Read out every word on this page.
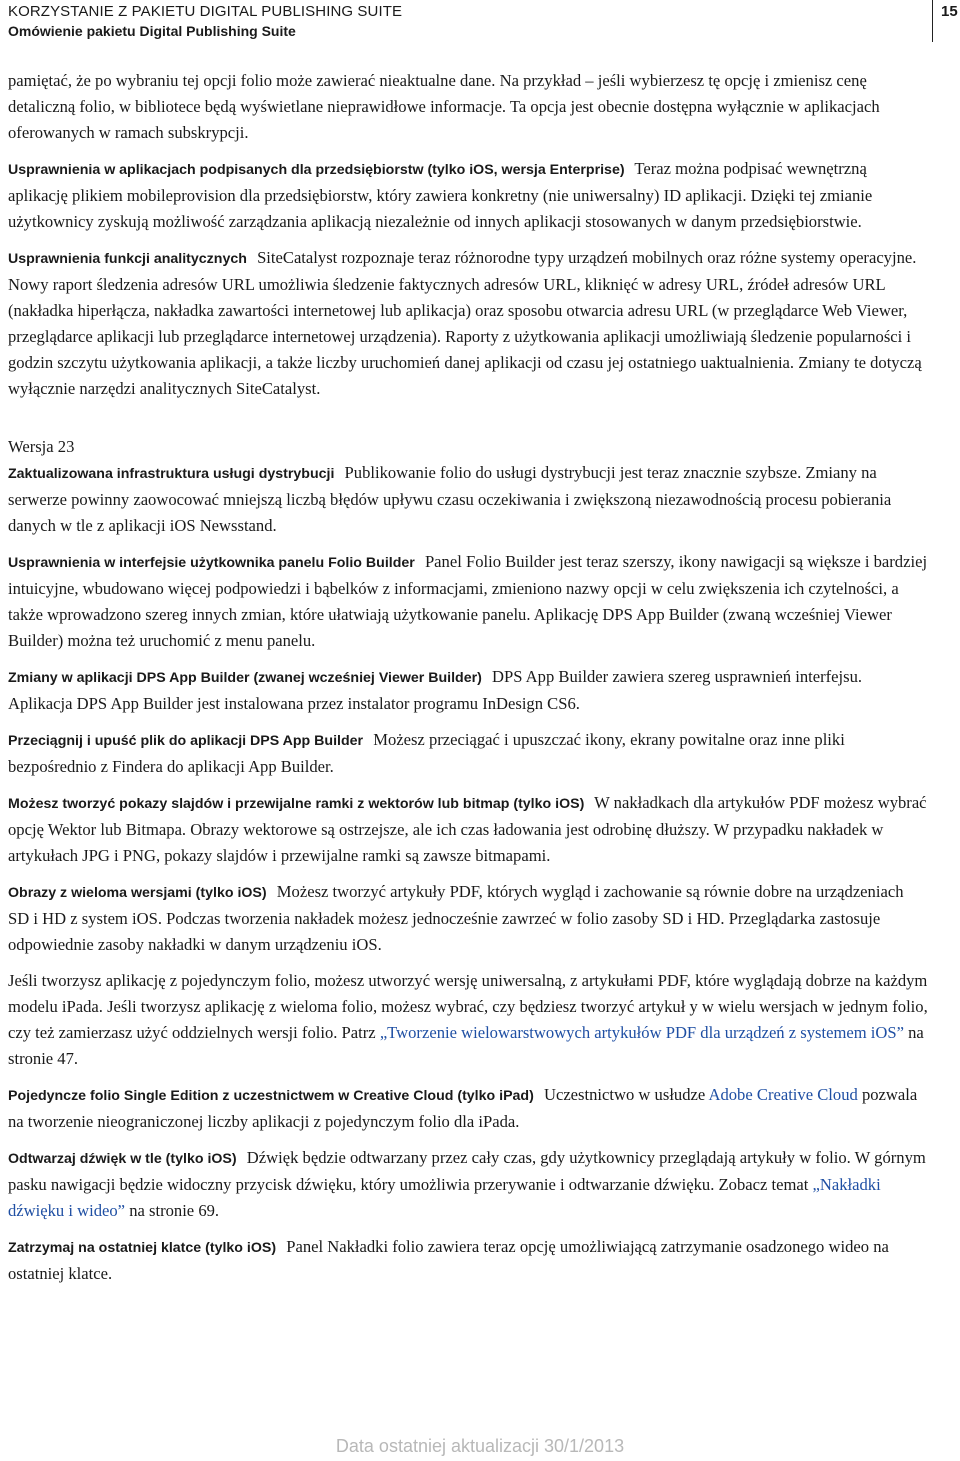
KORZYSTANIE Z PAKIETU DIGITAL PUBLISHING SUITE
Omówienie pakietu Digital Publishing Suite
15

pamiętać, że po wybraniu tej opcji folio może zawierać nieaktualne dane. Na przykład – jeśli wybierzesz tę opcję i zmienisz cenę detaliczną folio, w bibliotece będą wyświetlane nieprawidłowe informacje. Ta opcja jest obecnie dostępna wyłącznie w aplikacjach oferowanych w ramach subskrypcji.

Usprawnienia w aplikacjach podpisanych dla przedsiębiorstw (tylko iOS, wersja Enterprise) Teraz można podpisać wewnętrzną aplikację plikiem mobileprovision dla przedsiębiorstw, który zawiera konkretny (nie uniwersalny) ID aplikacji. Dzięki tej zmianie użytkownicy zyskują możliwość zarządzania aplikacją niezależnie od innych aplikacji stosowanych w danym przedsiębiorstwie.

Usprawnienia funkcji analitycznych SiteCatalyst rozpoznaje teraz różnorodne typy urządzeń mobilnych oraz różne systemy operacyjne. Nowy raport śledzenia adresów URL umożliwia śledzenie faktycznych adresów URL, kliknięć w adresy URL, źródeł adresów URL (nakładka hiperłącza, nakładka zawartości internetowej lub aplikacja) oraz sposobu otwarcia adresu URL (w przeglądarce Web Viewer, przeglądarce aplikacji lub przeglądarce internetowej urządzenia). Raporty z użytkowania aplikacji umożliwiają śledzenie popularności i godzin szczytu użytkowania aplikacji, a także liczby uruchomień danej aplikacji od czasu jej ostatniego uaktualnienia. Zmiany te dotyczą wyłącznie narzędzi analitycznych SiteCatalyst.

Wersja 23

Zaktualizowana infrastruktura usługi dystrybucji Publikowanie folio do usługi dystrybucji jest teraz znacznie szybsze. Zmiany na serwerze powinny zaowocować mniejszą liczbą błędów upływu czasu oczekiwania i zwiększoną niezawodnością procesu pobierania danych w tle z aplikacji iOS Newsstand.

Usprawnienia w interfejsie użytkownika panelu Folio Builder Panel Folio Builder jest teraz szerszy, ikony nawigacji są większe i bardziej intuicyjne, wbudowano więcej podpowiedzi i bąbelków z informacjami, zmieniono nazwy opcji w celu zwiększenia ich czytelności, a także wprowadzono szereg innych zmian, które ułatwiają użytkowanie panelu. Aplikację DPS App Builder (zwaną wcześniej Viewer Builder) można też uruchomić z menu panelu.

Zmiany w aplikacji DPS App Builder (zwanej wcześniej Viewer Builder) DPS App Builder zawiera szereg usprawnień interfejsu. Aplikacja DPS App Builder jest instalowana przez instalator programu InDesign CS6.

Przeciągnij i upuść plik do aplikacji DPS App Builder Możesz przeciągać i upuszczać ikony, ekrany powitalne oraz inne pliki bezpośrednio z Findera do aplikacji App Builder.

Możesz tworzyć pokazy slajdów i przewijalne ramki z wektorów lub bitmap (tylko iOS) W nakładkach dla artykułów PDF możesz wybrać opcję Wektor lub Bitmapa. Obrazy wektorowe są ostrzejsze, ale ich czas ładowania jest odrobinę dłuższy. W przypadku nakładek w artykułach JPG i PNG, pokazy slajdów i przewijalne ramki są zawsze bitmapami.

Obrazy z wieloma wersjami (tylko iOS) Możesz tworzyć artykuły PDF, których wygląd i zachowanie są równie dobre na urządzeniach SD i HD z system iOS. Podczas tworzenia nakładek możesz jednocześnie zawrzeć w folio zasoby SD i HD. Przeglądarka zastosuje odpowiednie zasoby nakładki w danym urządzeniu iOS.

Jeśli tworzysz aplikację z pojedynczym folio, możesz utworzyć wersję uniwersalną, z artykułami PDF, które wyglądają dobrze na każdym modelu iPada. Jeśli tworzysz aplikację z wieloma folio, możesz wybrać, czy będziesz tworzyć artykuł y w wielu wersjach w jednym folio, czy też zamierzasz użyć oddzielnych wersji folio. Patrz „Tworzenie wielowarstwowych artykułów PDF dla urządzeń z systemem iOS” na stronie 47.

Pojedyncze folio Single Edition z uczestnictwem w Creative Cloud (tylko iPad) Uczestnictwo w usłudze Adobe Creative Cloud pozwala na tworzenie nieograniczonej liczby aplikacji z pojedynczym folio dla iPada.

Odtwarzaj dźwięk w tle (tylko iOS) Dźwięk będzie odtwarzany przez cały czas, gdy użytkownicy przeglądają artykuły w folio. W górnym pasku nawigacji będzie widoczny przycisk dźwięku, który umożliwia przerywanie i odtwarzanie dźwięku. Zobacz temat „Nakładki dźwięku i wideo” na stronie 69.

Zatrzymaj na ostatniej klatce (tylko iOS) Panel Nakładki folio zawiera teraz opcję umożliwiającą zatrzymanie osadzonego wideo na ostatniej klatce.

Data ostatniej aktualizacji 30/1/2013
